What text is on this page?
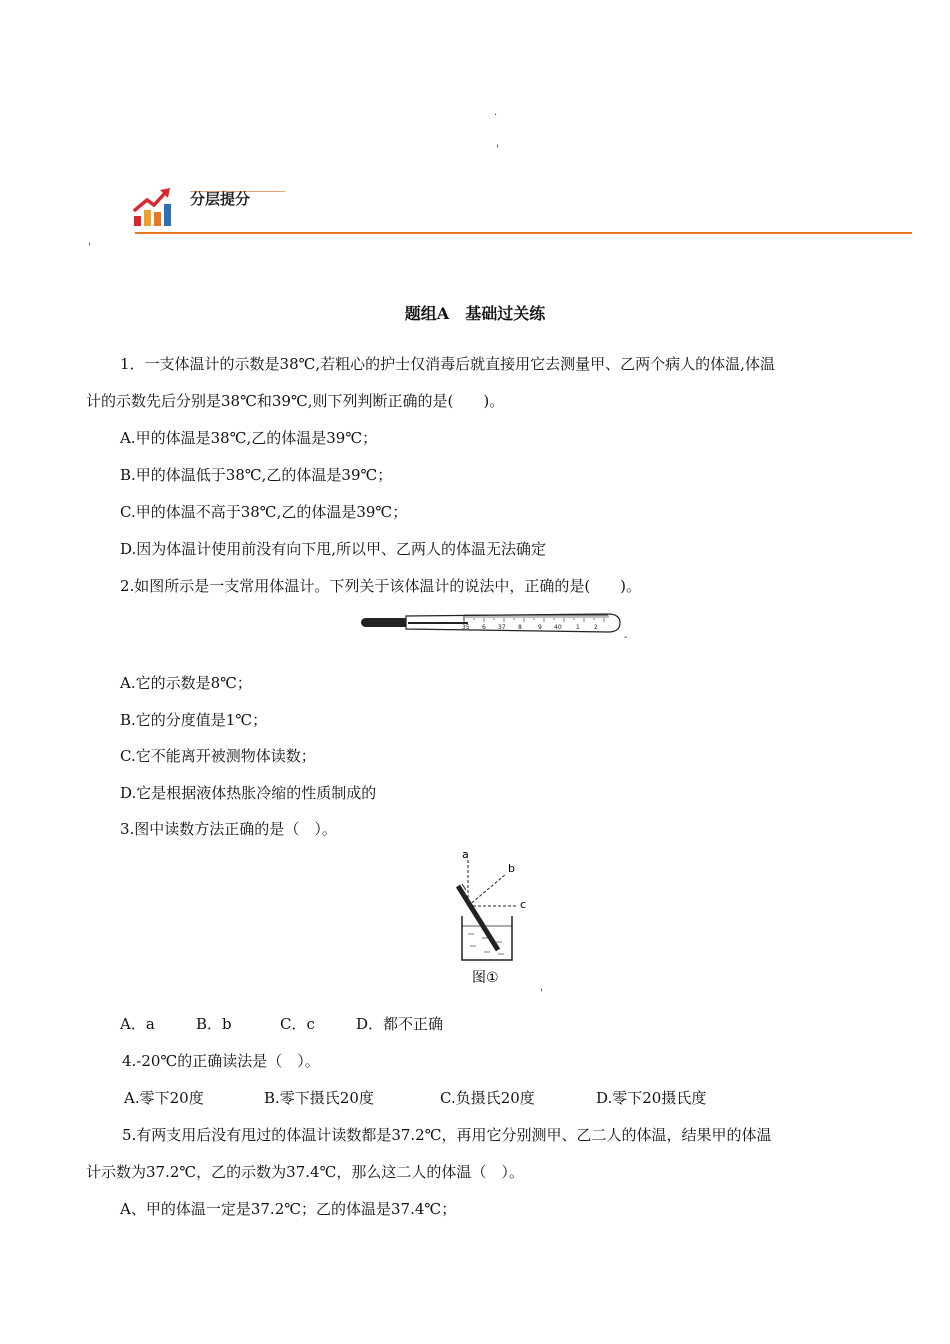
·
'
'
-
'
分层提分
题组A　基础过关练
1．一支体温计的示数是38℃,若粗心的护士仅消毒后就直接用它去测量甲、乙两个病人的体温,体温
计的示数先后分别是38℃和39℃,则下列判断正确的是(　　)。
A.甲的体温是38℃,乙的体温是39℃；
B.甲的体温低于38℃,乙的体温是39℃；
C.甲的体温不高于38℃,乙的体温是39℃；
D.因为体温计使用前没有向下甩,所以甲、乙两人的体温无法确定
2.如图所示是一支常用体温计。下列关于该体温计的说法中，正确的是(　　)。
35 6 37 8	9 40 1 2
A.它的示数是8℃；
B.它的分度值是1℃；
C.它不能离开被测物体读数；
D.它是根据液体热胀冷缩的性质制成的
3.图中读数方法正确的是（　）。
a
b
c
图①
A．a	B．b	C．c	D．都不正确
4.-20℃的正确读法是（　）。
A.零下20度	B.零下摄氏20度	C.负摄氏20度	D.零下20摄氏度
5.有两支用后没有甩过的体温计读数都是37.2℃，再用它分别测甲、乙二人的体温，结果甲的体温
计示数为37.2℃，乙的示数为37.4℃，那么这二人的体温（　）。
A、甲的体温一定是37.2℃；乙的体温是37.4℃；
